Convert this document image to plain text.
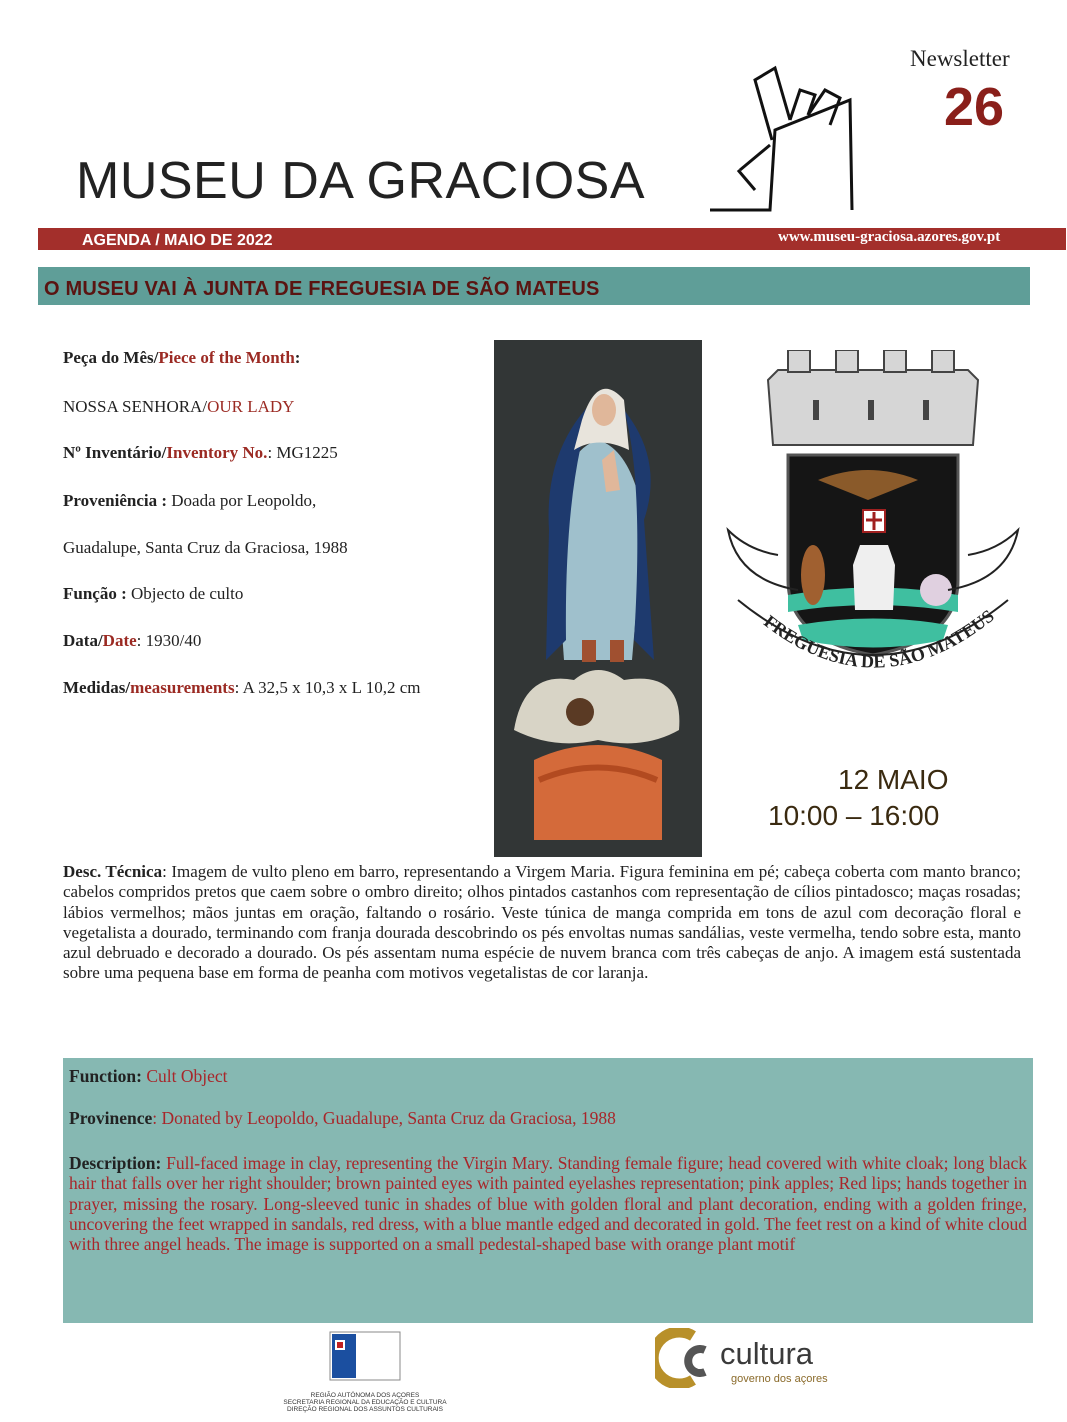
MUSEU DA GRACIOSA
Newsletter
26
AGENDA / MAIO DE 2022	www.museu-graciosa.azores.gov.pt
O MUSEU VAI À JUNTA DE FREGUESIA DE SÃO MATEUS
Peça do Mês/Piece of the Month:
NOSSA SENHORA/OUR LADY
Nº Inventário/Inventory No.: MG1225
Proveniência : Doada por Leopoldo,
Guadalupe, Santa Cruz da Graciosa, 1988
Função : Objecto de culto
Data/Date: 1930/40
Medidas/measurements: A 32,5 x 10,3 x L 10,2 cm
FREGUESIA DE SÃO MATEUS
12 MAIO
10:00 – 16:00
Desc. Técnica: Imagem de vulto pleno em barro, representando a Virgem Maria. Figura feminina em pé; cabeça coberta com manto branco; cabelos compridos pretos que caem sobre o ombro direito; olhos pintados castanhos com representação de cílios pintadosco; maças rosadas; lábios vermelhos; mãos juntas em oração, faltando o rosário. Veste túnica de manga comprida em tons de azul com decoração floral e vegetalista a dourado, terminando com franja dourada descobrindo os pés envoltas numas sandálias, veste vermelha, tendo sobre esta, manto azul debruado e decorado a dourado. Os pés assentam numa espécie de nuvem branca com três cabeças de anjo. A imagem está sustentada sobre uma pequena base em forma de peanha com motivos vegetalistas de cor laranja.
Function: Cult Object
Provinence: Donated by Leopoldo, Guadalupe, Santa Cruz da Graciosa, 1988
Description: Full-faced image in clay, representing the Virgin Mary. Standing female figure; head covered with white cloak; long black hair that falls over her right shoulder; brown painted eyes with painted eyelashes representation; pink apples; Red lips; hands together in prayer, missing the rosary. Long-sleeved tunic in shades of blue with golden floral and plant decoration, ending with a golden fringe, uncovering the feet wrapped in sandals, red dress, with a blue mantle edged and decorated in gold. The feet rest on a kind of white cloud with three angel heads. The image is supported on a small pedestal-shaped base with orange plant motif
REGIÃO AUTÓNOMA DOS AÇORES
SECRETARIA REGIONAL DA EDUCAÇÃO E CULTURA
DIREÇÃO REGIONAL DOS ASSUNTOS CULTURAIS
cultura
governo dos açores
